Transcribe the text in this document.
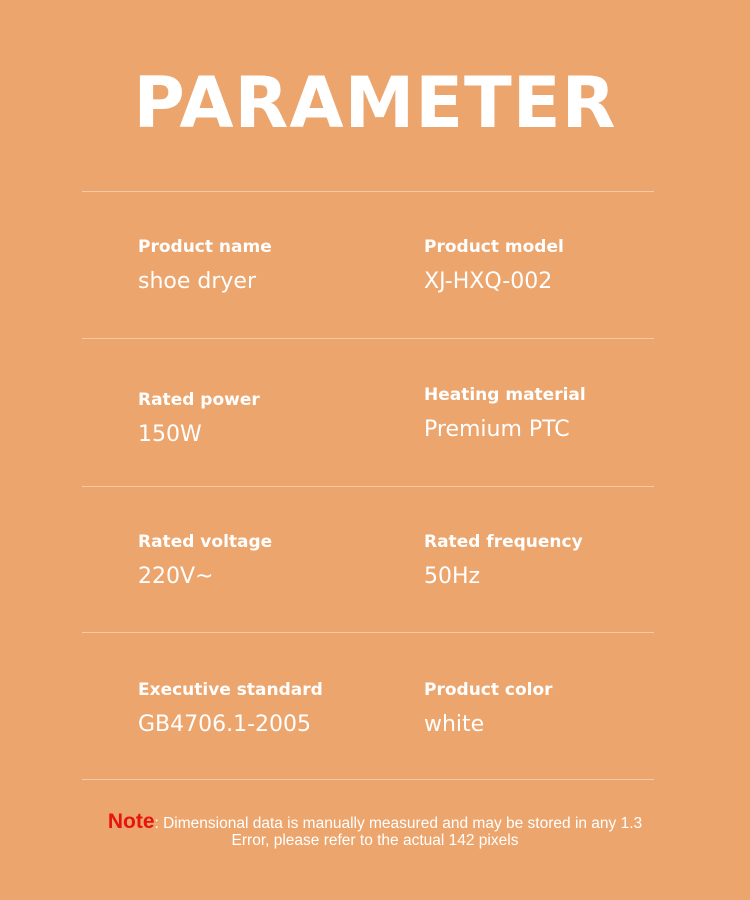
PARAMETER
Product name
shoe dryer
Product model
XJ-HXQ-002
Rated power
150W
Heating material
Premium PTC
Rated voltage
220V~
Rated frequency
50Hz
Executive standard
GB4706.1-2005
Product color
white
Note: Dimensional data is manually measured and may be stored in any 1.3
Error, please refer to the actual 142 pixels
